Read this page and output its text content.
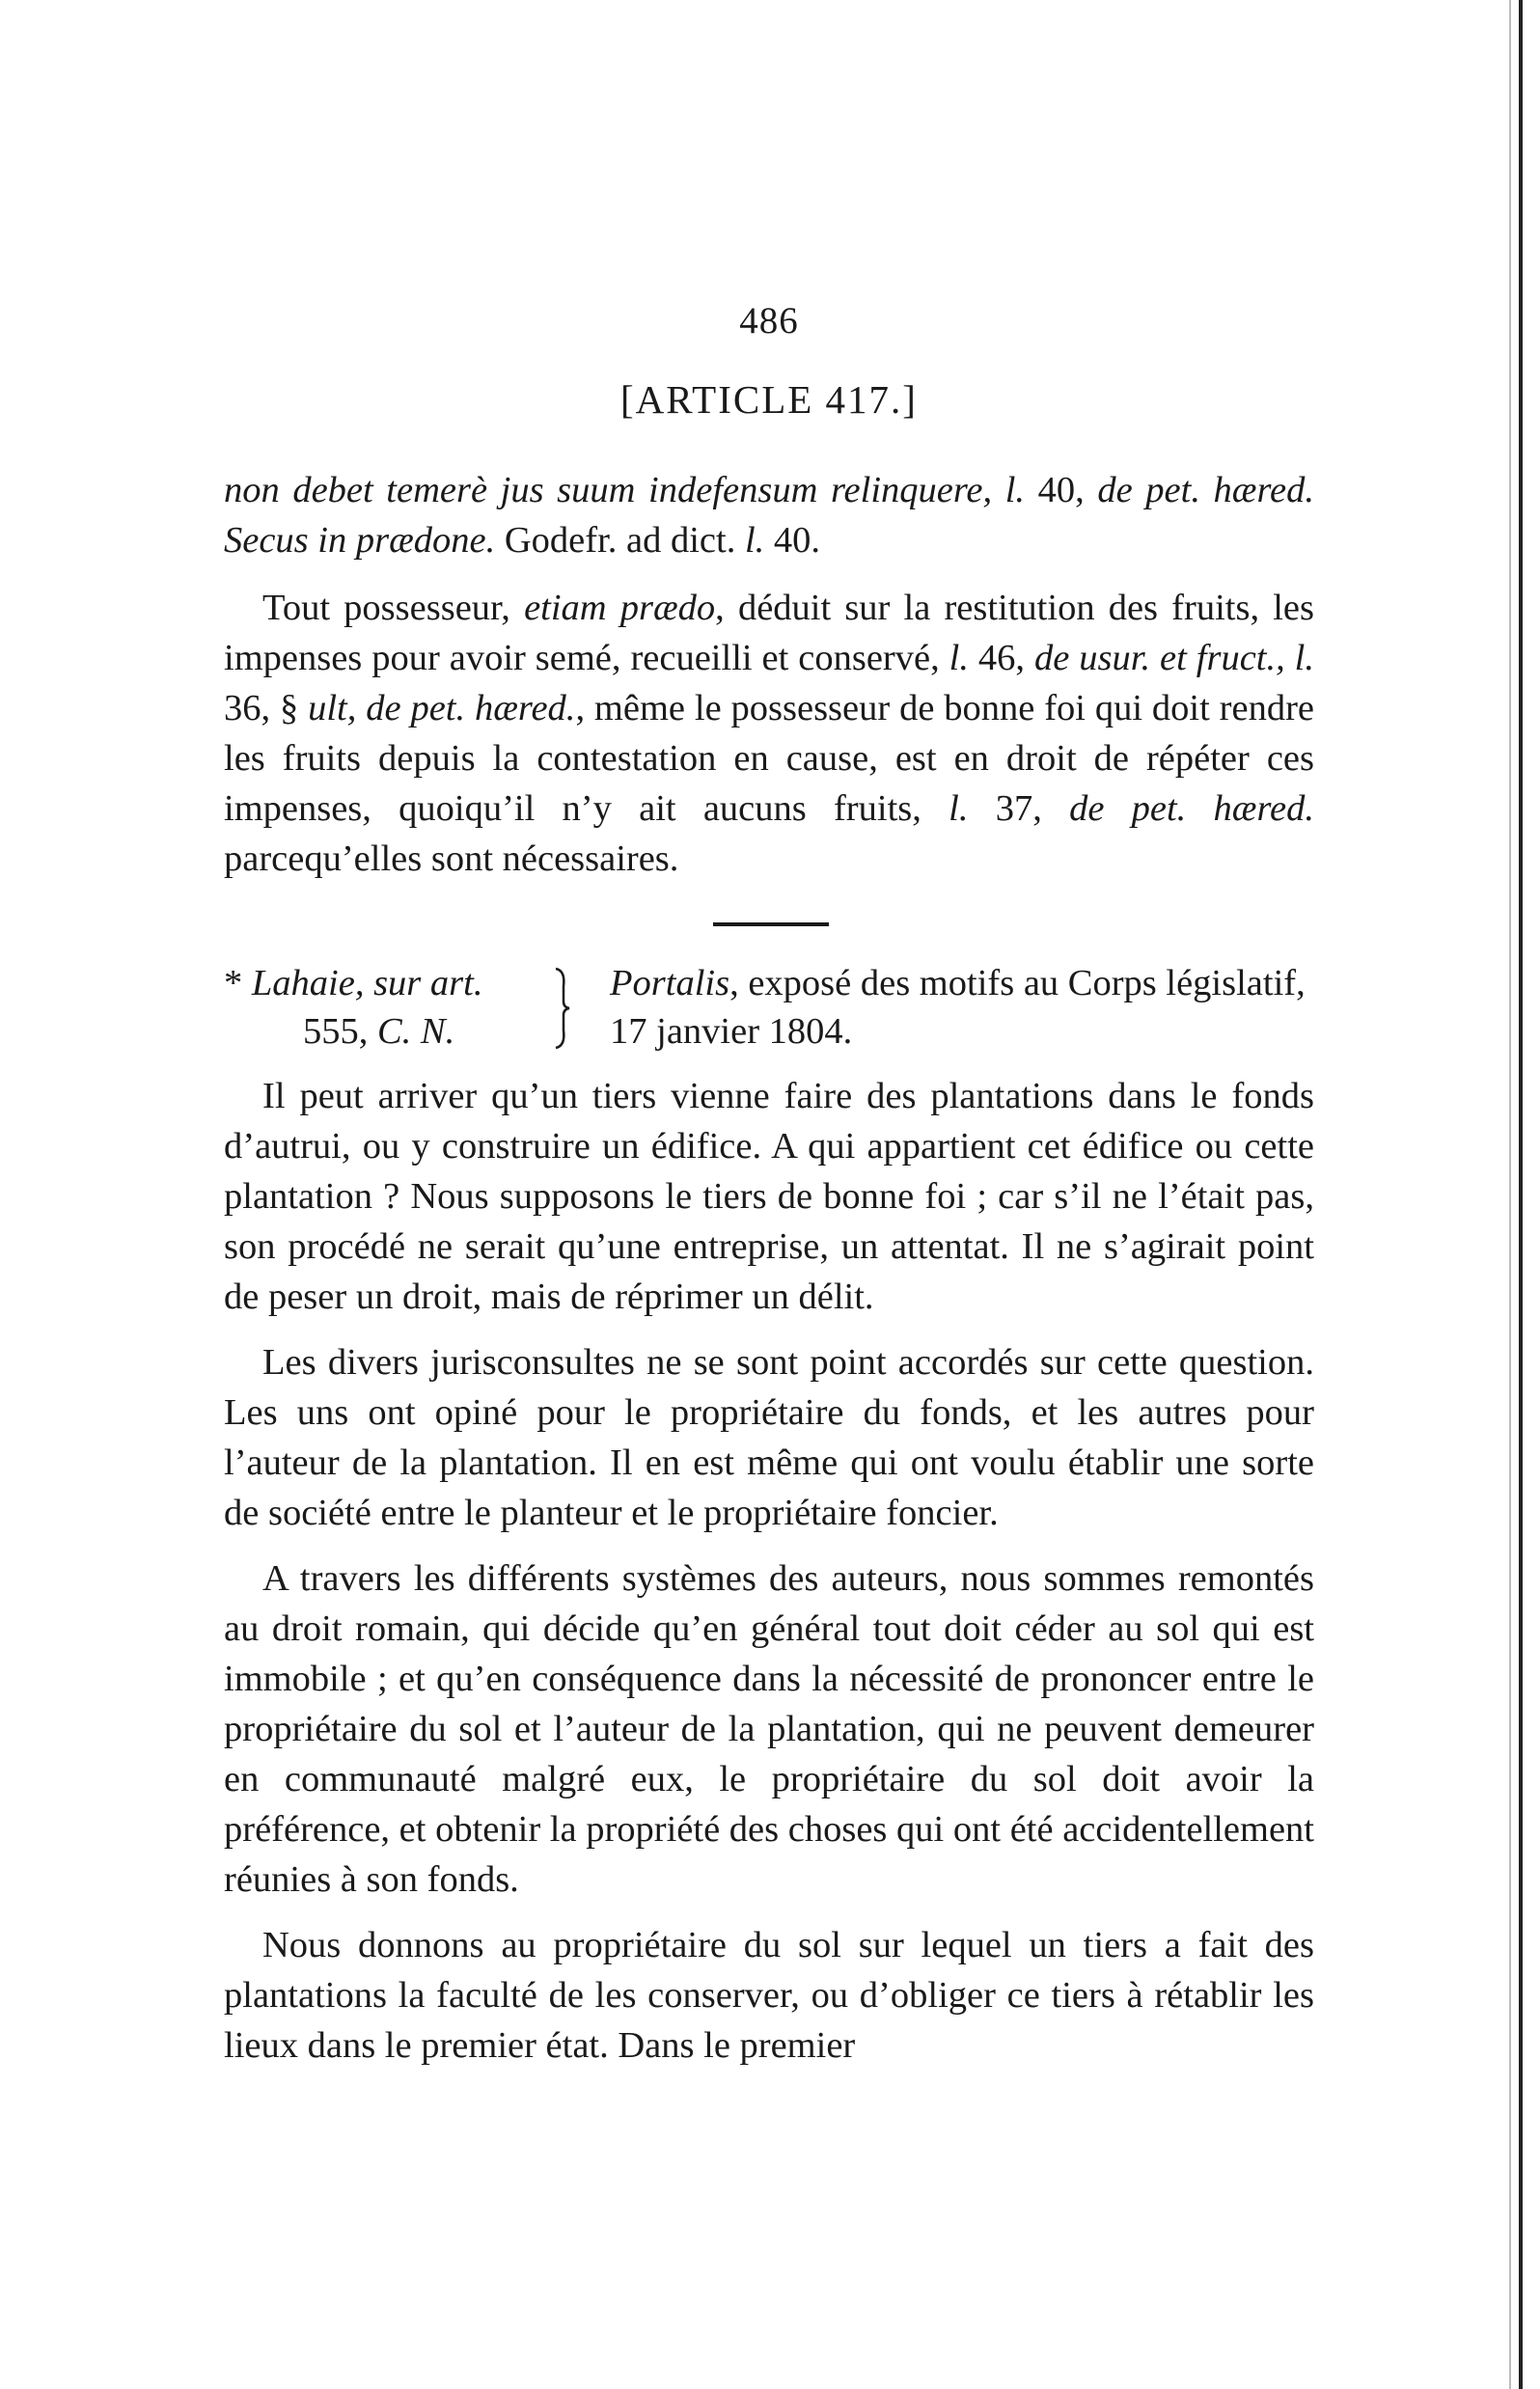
486
[ARTICLE 417.]

non debet temerè jus suum indefensum relinquere, l. 40, de pet. hæred. Secus in prædone. Godefr. ad dict. l. 40.

Tout possesseur, etiam prædo, déduit sur la restitution des fruits, les impenses pour avoir semé, recueilli et conservé, l. 46, de usur. et fruct., l. 36, § ult, de pet. hæred., même le possesseur de bonne foi qui doit rendre les fruits depuis la contestation en cause, est en droit de répéter ces impenses, quoiqu’il n’y ait aucuns fruits, l. 37, de pet. hæred. parcequ’elles sont nécessaires.

* Lahaie, sur art.
555, C. N.
Portalis, exposé des motifs au Corps législatif, 17 janvier 1804.

Il peut arriver qu’un tiers vienne faire des plantations dans le fonds d’autrui, ou y construire un édifice. A qui appartient cet édifice ou cette plantation ? Nous supposons le tiers de bonne foi ; car s’il ne l’était pas, son procédé ne serait qu’une entreprise, un attentat. Il ne s’agirait point de peser un droit, mais de réprimer un délit.

Les divers jurisconsultes ne se sont point accordés sur cette question. Les uns ont opiné pour le propriétaire du fonds, et les autres pour l’auteur de la plantation. Il en est même qui ont voulu établir une sorte de société entre le planteur et le propriétaire foncier.

A travers les différents systèmes des auteurs, nous sommes remontés au droit romain, qui décide qu’en général tout doit céder au sol qui est immobile ; et qu’en conséquence dans la nécessité de prononcer entre le propriétaire du sol et l’auteur de la plantation, qui ne peuvent demeurer en communauté malgré eux, le propriétaire du sol doit avoir la préférence, et obtenir la propriété des choses qui ont été accidentellement réunies à son fonds.

Nous donnons au propriétaire du sol sur lequel un tiers a fait des plantations la faculté de les conserver, ou d’obliger ce tiers à rétablir les lieux dans le premier état. Dans le premier
